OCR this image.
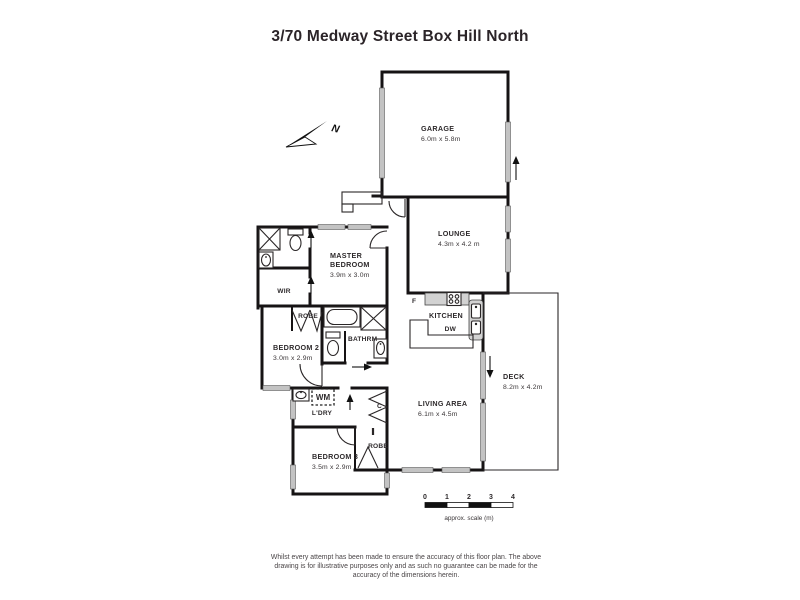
3/70 Medway Street Box Hill North
N	GARAGE
6.0m x 5.8m
LOUNGE
4.3m x 4.2 m
MASTER
BEDROOM
3.9m x 3.0m
WIR
ROBE
BEDROOM 2
3.0m x 2.9m
BATHRM
KITCHEN
F
DW
LIVING AREA
6.1m x 4.5m
DECK
8.2m x 4.2m
L'DRY
WM
C
ROBE
BEDROOM 3
3.5m x 2.9m
0	1	2	3	4
approx. scale (m)
Whilst every attempt has been made to ensure the accuracy of this floor plan. The above
drawing is for illustrative purposes only and as such no guarantee can be made for the
accuracy of the dimensions herein.
